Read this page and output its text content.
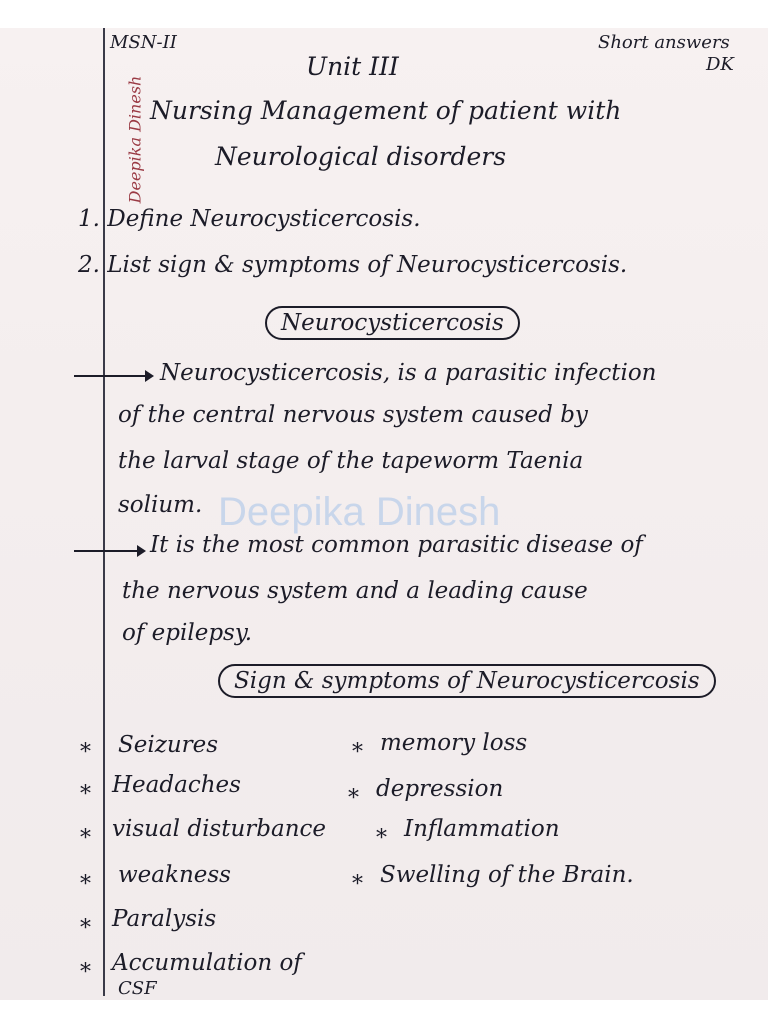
Deepika Dinesh
MSN-II	Short answers
DK
Unit III
Nursing Management of patient with
Neurological disorders
1. Define Neurocysticercosis.
2. List sign & symptoms of Neurocysticercosis.
Neurocysticercosis
Neurocysticercosis, is a parasitic infection
of the central nervous system caused by
the larval stage of the tapeworm Taenia
solium. Deepika Dinesh
It is the most common parasitic disease of
the nervous system and a leading cause
of epilepsy.
Sign & symptoms of Neurocysticercosis
* Seizures
* Headaches
* visual disturbance
* weakness
* Paralysis
* Accumulation of
CSF
* memory loss
* depression
* Inflammation
* Swelling of the Brain.
